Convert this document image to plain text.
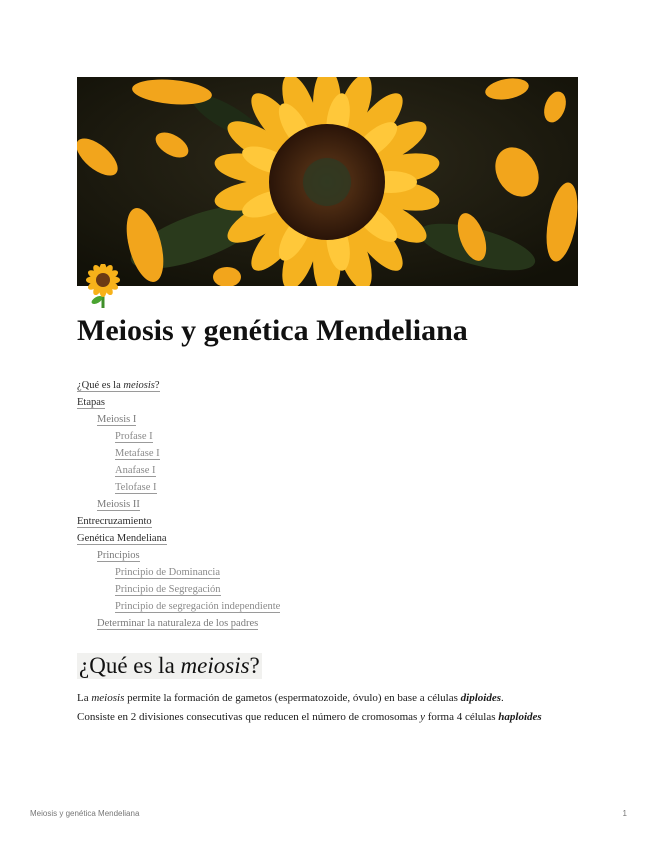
Meiosis y genética Mendeliana
¿Qué es la meiosis?
Etapas
Meiosis I
Profase I
Metafase I
Anafase I
Telofase I
Meiosis II
Entrecruzamiento
Genética Mendeliana
Principios
Principio de Dominancia
Principio de Segregación
Principio de segregación independiente
Determinar la naturaleza de los padres
¿Qué es la meiosis?

La meiosis permite la formación de gametos (espermatozoide, óvulo) en base a células diploides.

Consiste en 2 divisiones consecutivas que reducen el número de cromosomas y forma 4 células haploides

Meiosis y genética Mendeliana	1
